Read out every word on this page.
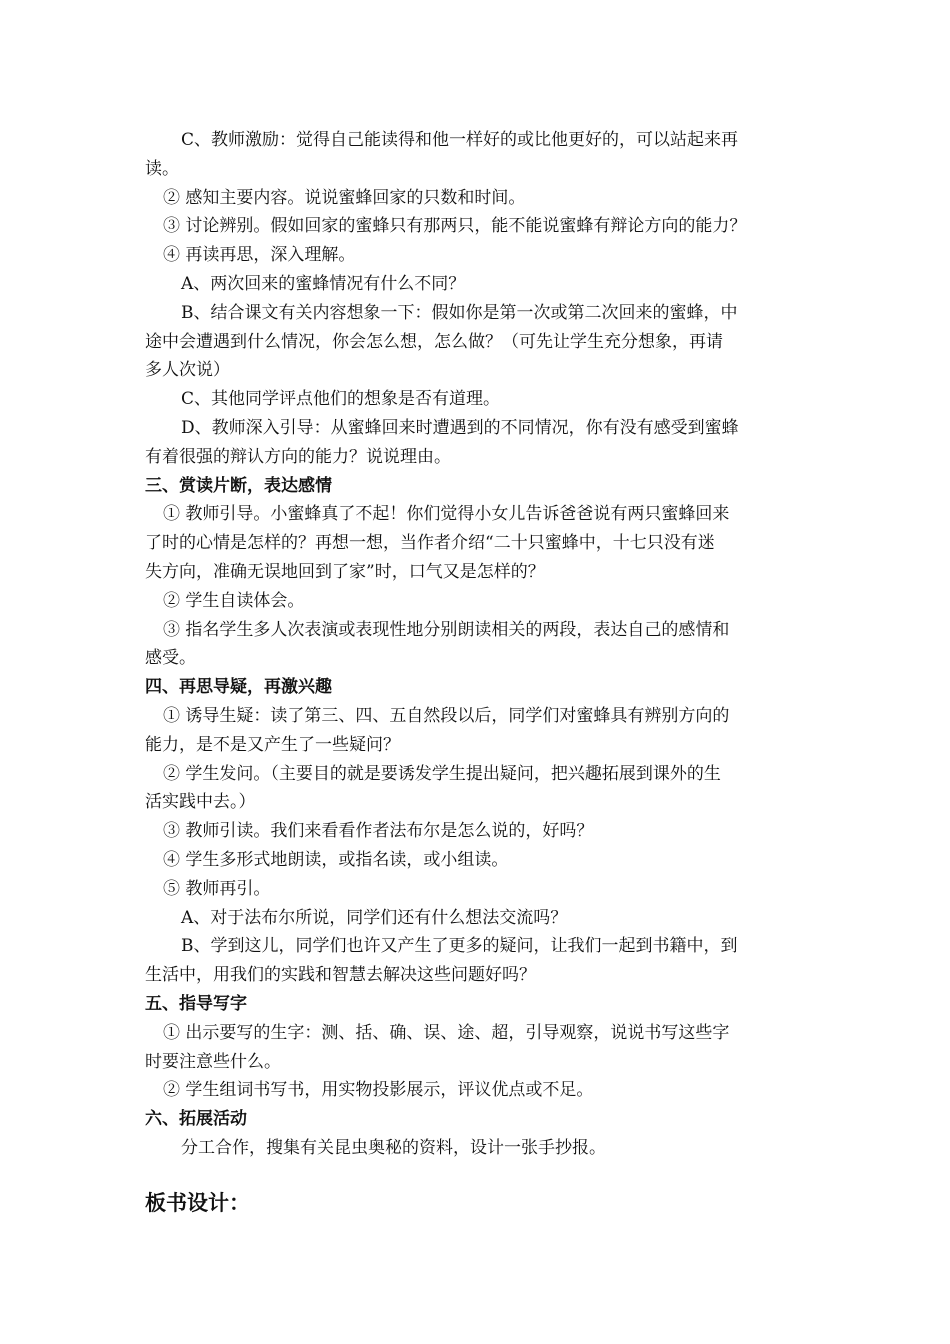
C、教师激励：觉得自己能读得和他一样好的或比他更好的，可以站起来再
读。
② 感知主要内容。说说蜜蜂回家的只数和时间。
③ 讨论辨别。假如回家的蜜蜂只有那两只，能不能说蜜蜂有辩论方向的能力？
④ 再读再思，深入理解。
A、两次回来的蜜蜂情况有什么不同？
B、结合课文有关内容想象一下：假如你是第一次或第二次回来的蜜蜂，中
途中会遭遇到什么情况，你会怎么想，怎么做？（可先让学生充分想象，再请
多人次说）
C、其他同学评点他们的想象是否有道理。
D、教师深入引导：从蜜蜂回来时遭遇到的不同情况，你有没有感受到蜜蜂
有着很强的辩认方向的能力？说说理由。
三、赏读片断，表达感情
① 教师引导。小蜜蜂真了不起！你们觉得小女儿告诉爸爸说有两只蜜蜂回来
了时的心情是怎样的？再想一想，当作者介绍“二十只蜜蜂中，十七只没有迷
失方向，准确无误地回到了家”时，口气又是怎样的？
② 学生自读体会。
③ 指名学生多人次表演或表现性地分别朗读相关的两段，表达自己的感情和
感受。
四、再思导疑，再激兴趣
① 诱导生疑：读了第三、四、五自然段以后，同学们对蜜蜂具有辨别方向的
能力，是不是又产生了一些疑问？
② 学生发问。（主要目的就是要诱发学生提出疑问，把兴趣拓展到课外的生
活实践中去。）
③ 教师引读。我们来看看作者法布尔是怎么说的，好吗？
④ 学生多形式地朗读，或指名读，或小组读。
⑤ 教师再引。
A、对于法布尔所说，同学们还有什么想法交流吗？
B、学到这儿，同学们也许又产生了更多的疑问，让我们一起到书籍中，到
生活中，用我们的实践和智慧去解决这些问题好吗？
五、指导写字
① 出示要写的生字：测、括、确、误、途、超，引导观察，说说书写这些字
时要注意些什么。
② 学生组词书写书，用实物投影展示，评议优点或不足。
六、拓展活动
分工合作，搜集有关昆虫奥秘的资料，设计一张手抄报。
板书设计：
